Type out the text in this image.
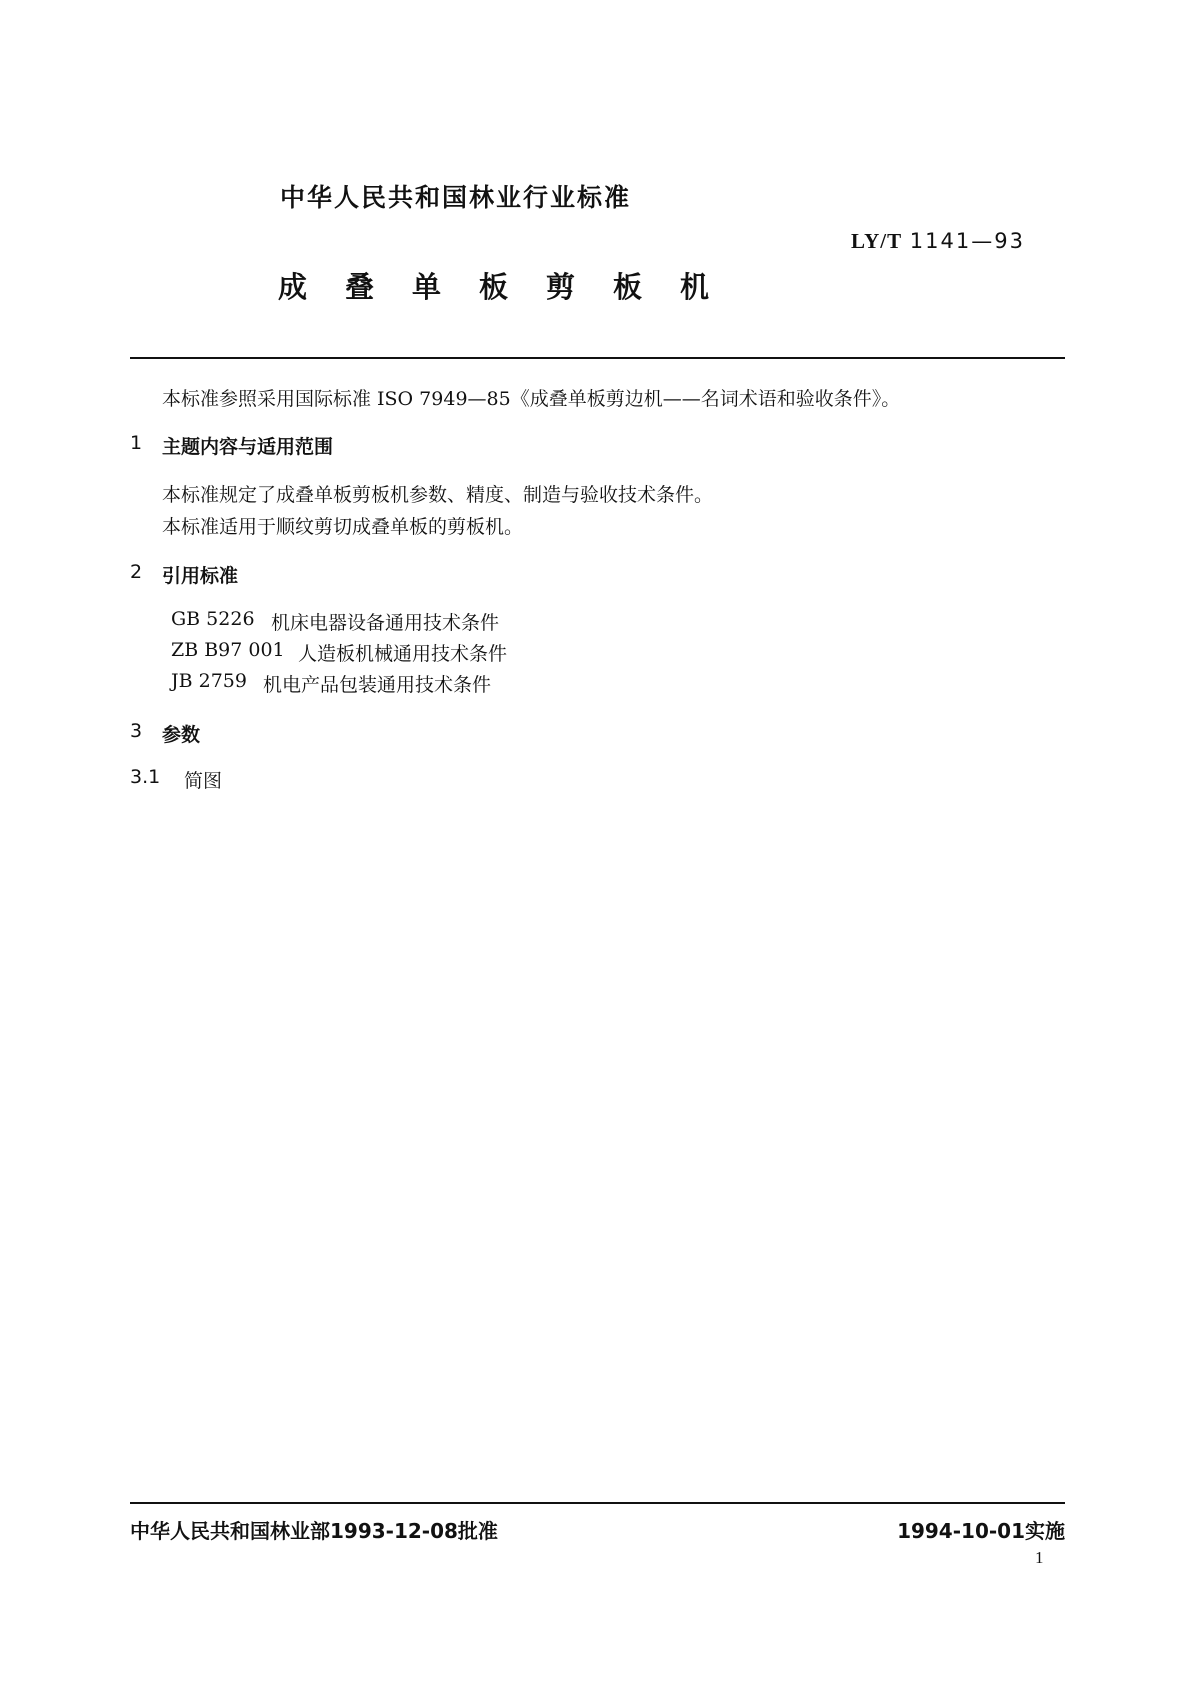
中华人民共和国林业行业标准
LY/T 1141—93
成叠单板剪板机
本标准参照采用国际标准 ISO 7949—85《成叠单板剪边机——名词术语和验收条件》。
1 主题内容与适用范围
本标准规定了成叠单板剪板机参数、精度、制造与验收技术条件。
本标准适用于顺纹剪切成叠单板的剪板机。
2 引用标准
GB 5226 机床电器设备通用技术条件
ZB B97 001 人造板机械通用技术条件
JB 2759 机电产品包装通用技术条件
3 参数
3.1 简图
中华人民共和国林业部1993-12-08批准	1994-10-01实施
1
